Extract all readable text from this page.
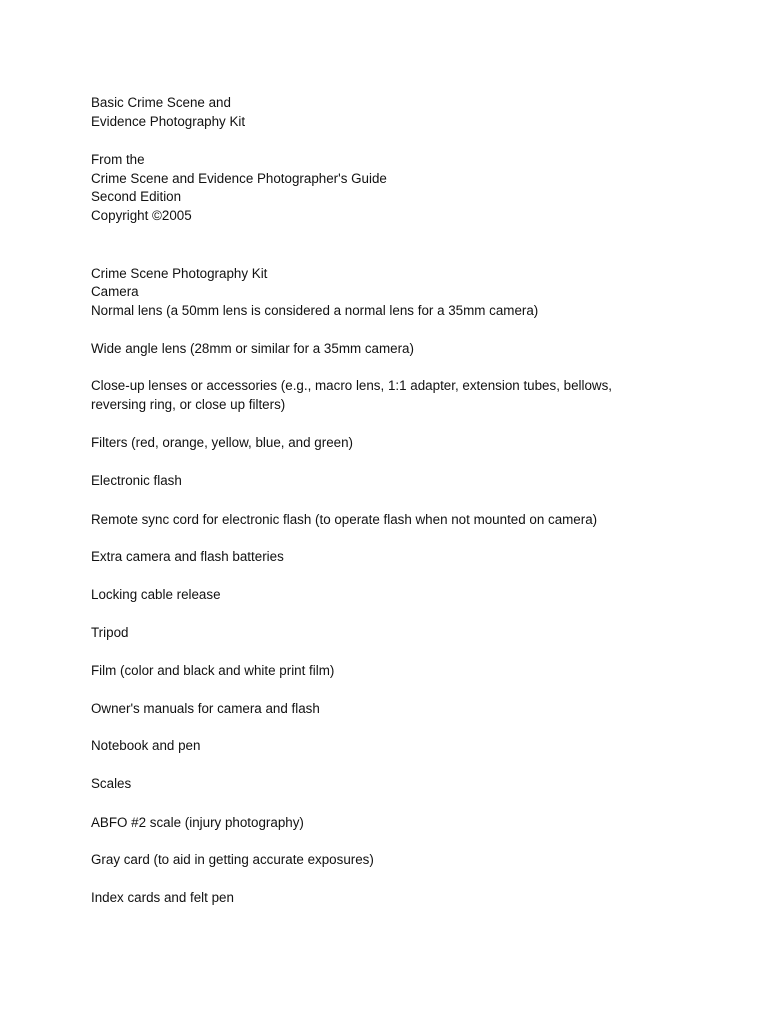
Basic Crime Scene and
Evidence Photography Kit
From the
Crime Scene and Evidence Photographer's Guide
Second Edition
Copyright ©2005
Crime Scene Photography Kit
Camera
Normal lens (a 50mm lens is considered a normal lens for a 35mm camera)
Wide angle lens (28mm or similar for a 35mm camera)
Close-up lenses or accessories (e.g., macro lens, 1:1 adapter, extension tubes, bellows, reversing ring, or close up filters)
Filters (red, orange, yellow, blue, and green)
Electronic flash
Remote sync cord for electronic flash (to operate flash when not mounted on camera)
Extra camera and flash batteries
Locking cable release
Tripod
Film (color and black and white print film)
Owner's manuals for camera and flash
Notebook and pen
Scales
ABFO #2 scale (injury photography)
Gray card (to aid in getting accurate exposures)
Index cards and felt pen
